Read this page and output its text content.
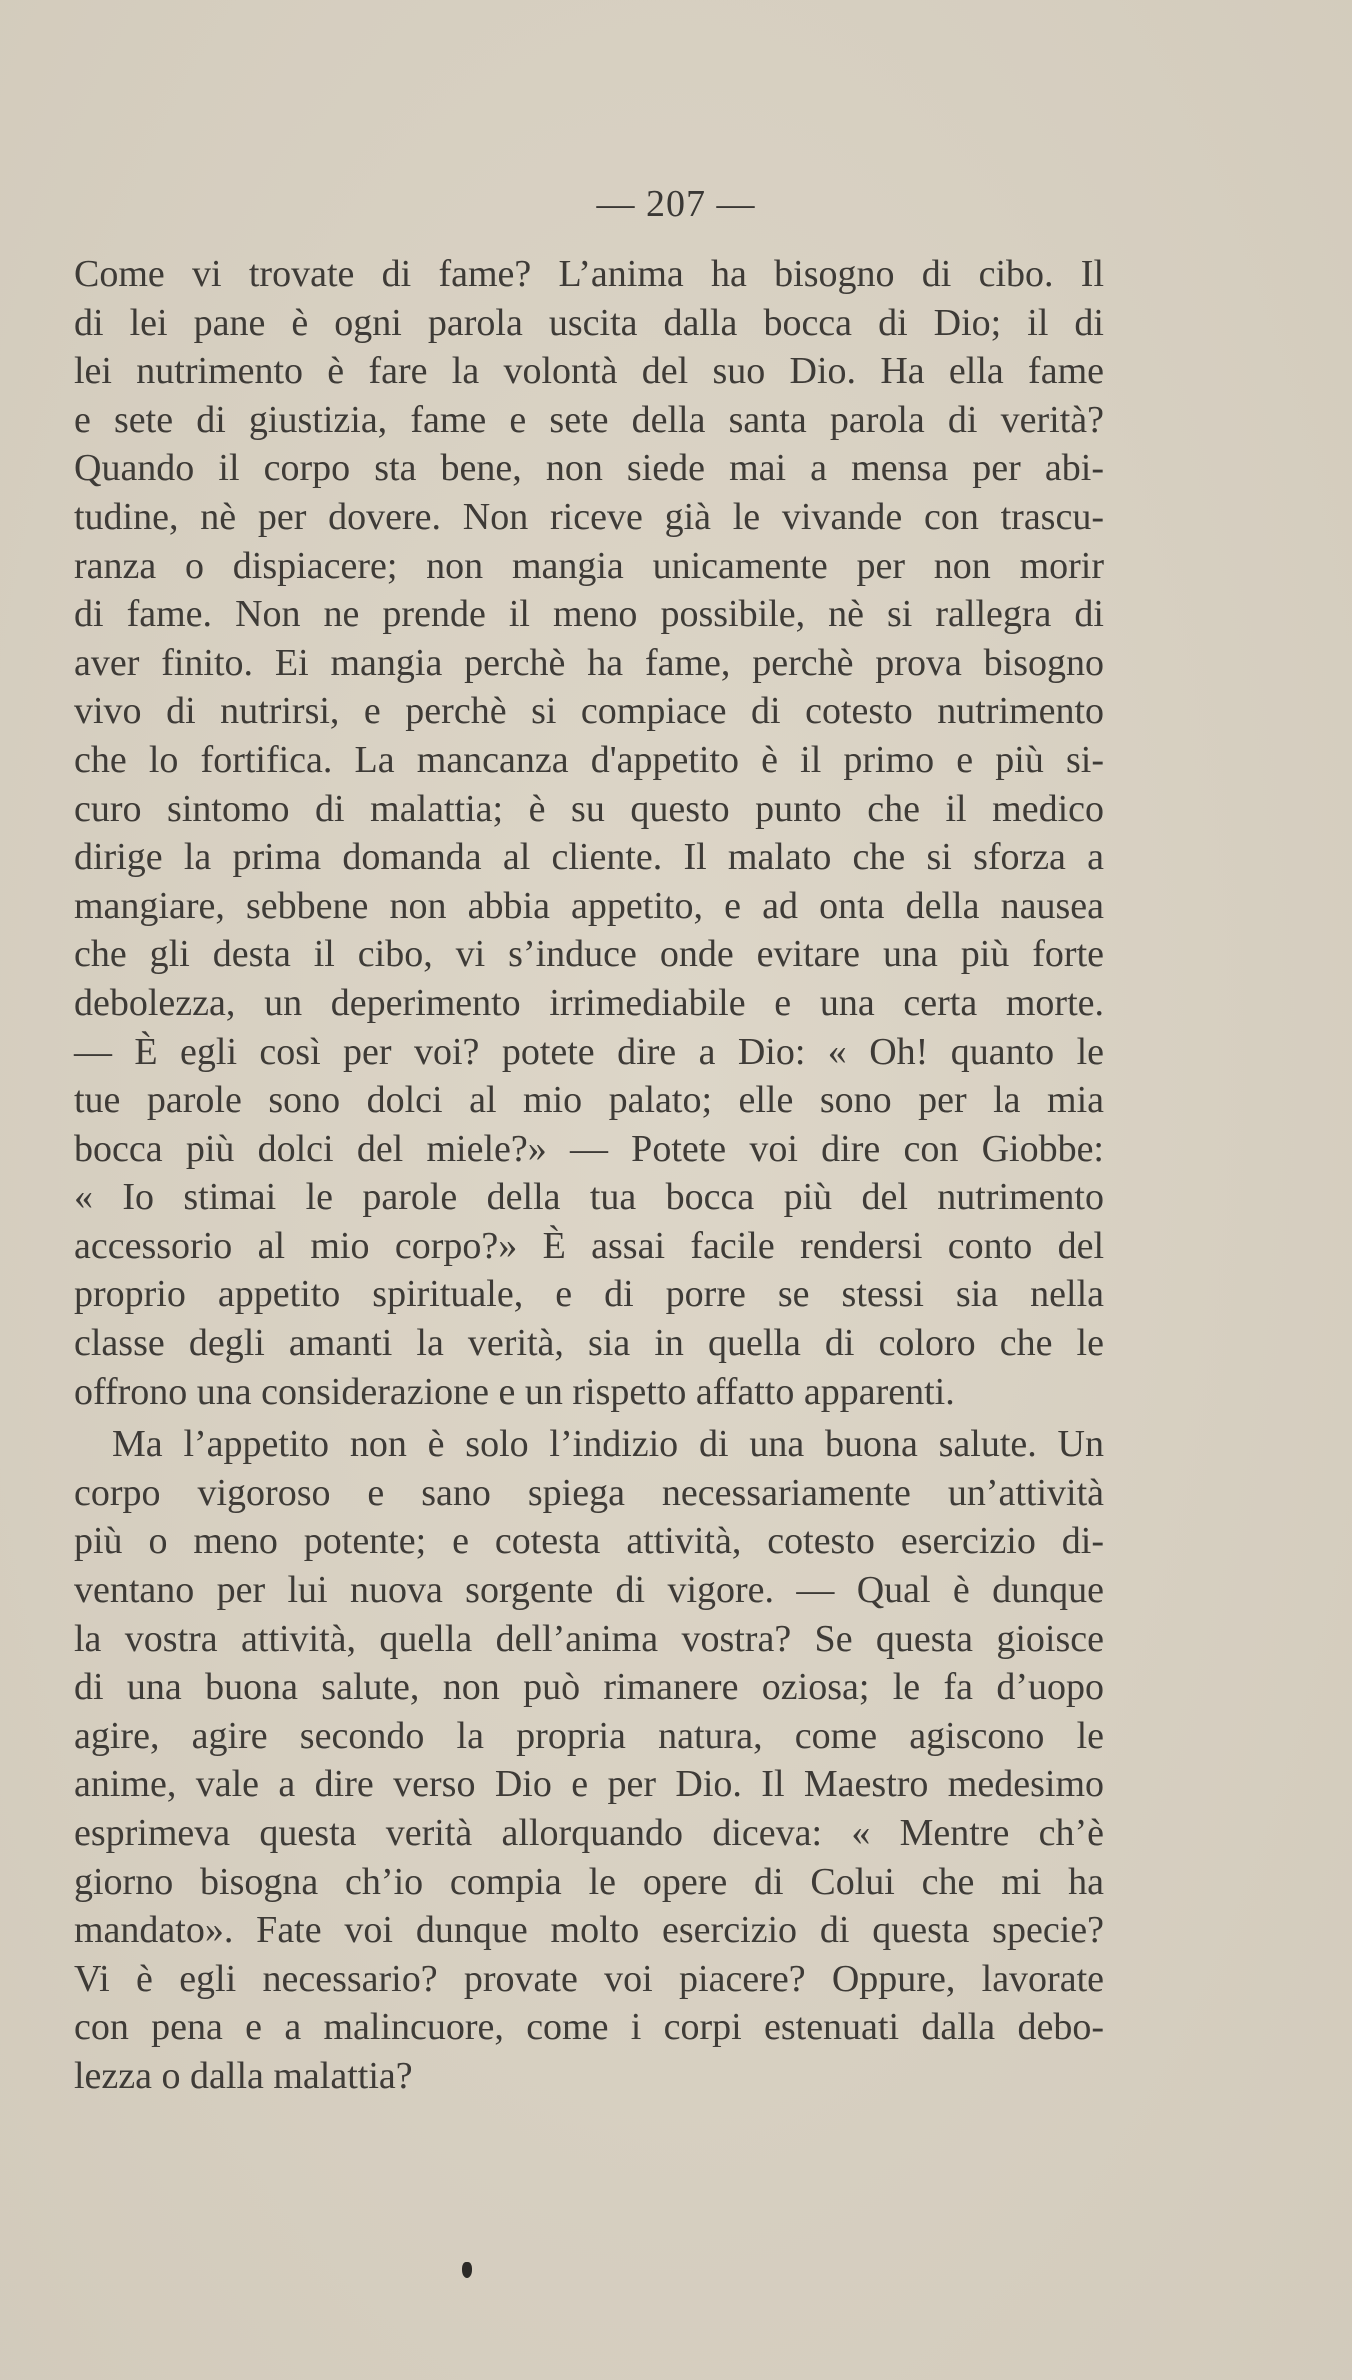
— 207 —

Come vi trovate di fame? L’anima ha bisogno di cibo. Il
di lei pane è ogni parola uscita dalla bocca di Dio; il di
lei nutrimento è fare la volontà del suo Dio. Ha ella fame
e sete di giustizia, fame e sete della santa parola di verità?
Quando il corpo sta bene, non siede mai a mensa per abi-
tudine, nè per dovere. Non riceve già le vivande con trascu-
ranza o dispiacere; non mangia unicamente per non morir
di fame. Non ne prende il meno possibile, nè si rallegra di
aver finito. Ei mangia perchè ha fame, perchè prova bisogno
vivo di nutrirsi, e perchè si compiace di cotesto nutrimento
che lo fortifica. La mancanza d'appetito è il primo e più si-
curo sintomo di malattia; è su questo punto che il medico
dirige la prima domanda al cliente. Il malato che si sforza a
mangiare, sebbene non abbia appetito, e ad onta della nausea
che gli desta il cibo, vi s’induce onde evitare una più forte
debolezza, un deperimento irrimediabile e una certa morte.
— È egli così per voi? potete dire a Dio: « Oh! quanto le
tue parole sono dolci al mio palato; elle sono per la mia
bocca più dolci del miele?» — Potete voi dire con Giobbe:
« Io stimai le parole della tua bocca più del nutrimento
accessorio al mio corpo?» È assai facile rendersi conto del
proprio appetito spirituale, e di porre se stessi sia nella
classe degli amanti la verità, sia in quella di coloro che le
offrono una considerazione e un rispetto affatto apparenti.

Ma l’appetito non è solo l’indizio di una buona salute. Un
corpo vigoroso e sano spiega necessariamente un’attività
più o meno potente; e cotesta attività, cotesto esercizio di-
ventano per lui nuova sorgente di vigore. — Qual è dunque
la vostra attività, quella dell’anima vostra? Se questa gioisce
di una buona salute, non può rimanere oziosa; le fa d’uopo
agire, agire secondo la propria natura, come agiscono le
anime, vale a dire verso Dio e per Dio. Il Maestro medesimo
esprimeva questa verità allorquando diceva: « Mentre ch’è
giorno bisogna ch’io compia le opere di Colui che mi ha
mandato». Fate voi dunque molto esercizio di questa specie?
Vi è egli necessario? provate voi piacere? Oppure, lavorate
con pena e a malincuore, come i corpi estenuati dalla debo-
lezza o dalla malattia?
